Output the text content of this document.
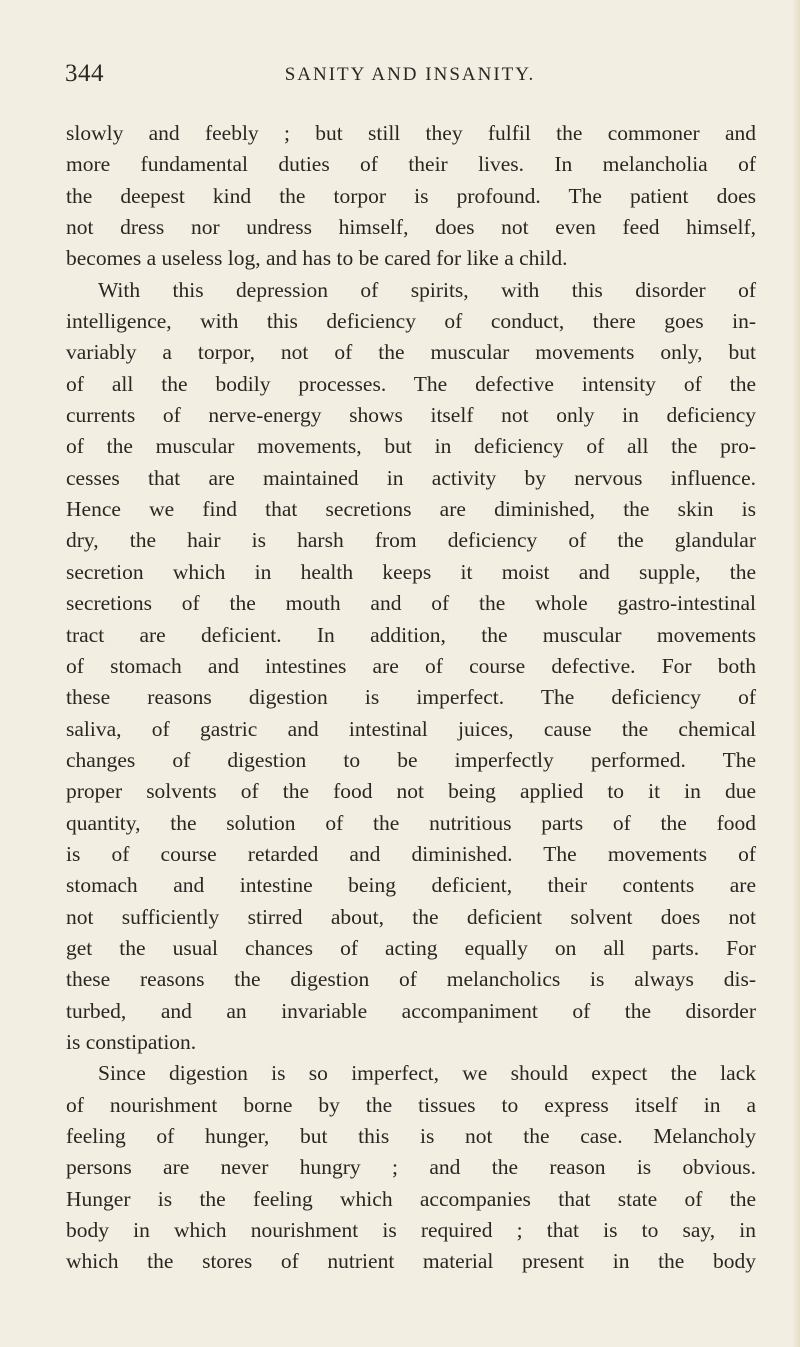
344	SANITY AND INSANITY.
slowly and feebly ; but still they fulfil the commoner and
more fundamental duties of their lives. In melancholia of
the deepest kind the torpor is profound. The patient does
not dress nor undress himself, does not even feed himself,
becomes a useless log, and has to be cared for like a child.
With this depression of spirits, with this disorder of
intelligence, with this deficiency of conduct, there goes in-
variably a torpor, not of the muscular movements only, but
of all the bodily processes. The defective intensity of the
currents of nerve-energy shows itself not only in deficiency
of the muscular movements, but in deficiency of all the pro-
cesses that are maintained in activity by nervous influence.
Hence we find that secretions are diminished, the skin is
dry, the hair is harsh from deficiency of the glandular
secretion which in health keeps it moist and supple, the
secretions of the mouth and of the whole gastro-intestinal
tract are deficient. In addition, the muscular movements
of stomach and intestines are of course defective. For both
these reasons digestion is imperfect. The deficiency of
saliva, of gastric and intestinal juices, cause the chemical
changes of digestion to be imperfectly performed. The
proper solvents of the food not being applied to it in due
quantity, the solution of the nutritious parts of the food
is of course retarded and diminished. The movements of
stomach and intestine being deficient, their contents are
not sufficiently stirred about, the deficient solvent does not
get the usual chances of acting equally on all parts. For
these reasons the digestion of melancholics is always dis-
turbed, and an invariable accompaniment of the disorder
is constipation.
Since digestion is so imperfect, we should expect the lack
of nourishment borne by the tissues to express itself in a
feeling of hunger, but this is not the case. Melancholy
persons are never hungry ; and the reason is obvious.
Hunger is the feeling which accompanies that state of the
body in which nourishment is required ; that is to say, in
which the stores of nutrient material present in the body
